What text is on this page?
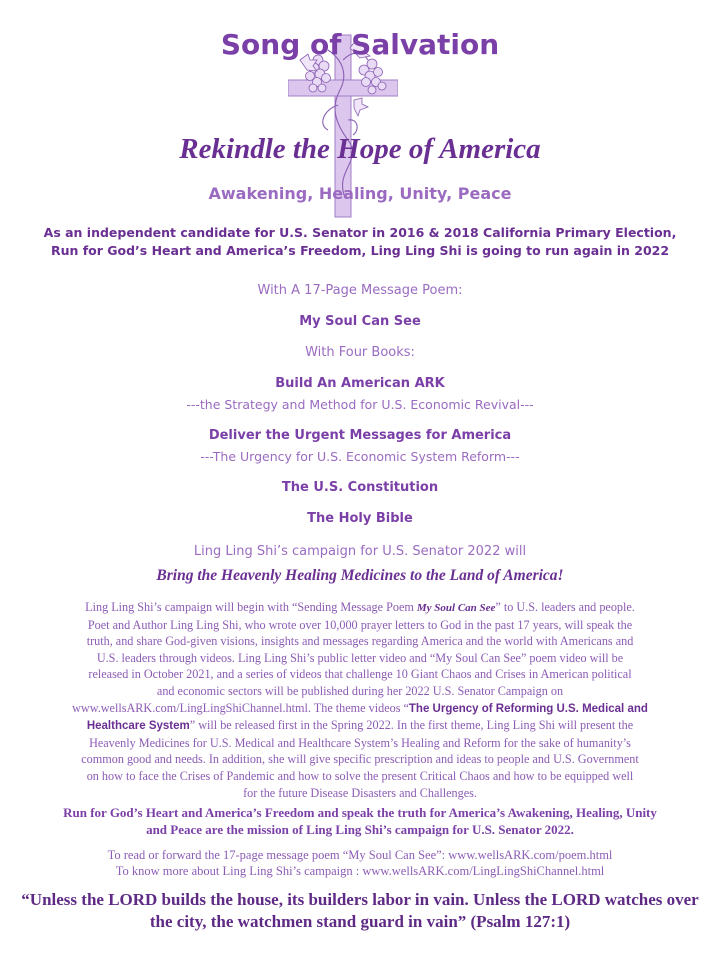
Song of Salvation
Rekindle the Hope of America
Awakening, Healing, Unity, Peace
As an independent candidate for U.S. Senator in 2016 & 2018 California Primary Election,
Run for God’s Heart and America’s Freedom, Ling Ling Shi is going to run again in 2022
With A 17-Page Message Poem:
My Soul Can See
With Four Books:
Build An American ARK
---the Strategy and Method for U.S. Economic Revival---
Deliver the Urgent Messages for America
---The Urgency for U.S. Economic System Reform---
The U.S. Constitution
The Holy Bible
Ling Ling Shi’s campaign for U.S. Senator 2022 will
Bring the Heavenly Healing Medicines to the Land of America!
Ling Ling Shi’s campaign will begin with “Sending Message Poem My Soul Can See” to U.S. leaders and people.
Poet and Author Ling Ling Shi, who wrote over 10,000 prayer letters to God in the past 17 years, will speak the
truth, and share God-given visions, insights and messages regarding America and the world with Americans and
U.S. leaders through videos. Ling Ling Shi’s public letter video and “My Soul Can See” poem video will be
released in October 2021, and a series of videos that challenge 10 Giant Chaos and Crises in American political
and economic sectors will be published during her 2022 U.S. Senator Campaign on
www.wellsARK.com/LingLingShiChannel.html. The theme videos “The Urgency of Reforming U.S. Medical and
Healthcare System” will be released first in the Spring 2022. In the first theme, Ling Ling Shi will present the
Heavenly Medicines for U.S. Medical and Healthcare System’s Healing and Reform for the sake of humanity’s
common good and needs. In addition, she will give specific prescription and ideas to people and U.S. Government
on how to face the Crises of Pandemic and how to solve the present Critical Chaos and how to be equipped well
for the future Disease Disasters and Challenges.
Run for God’s Heart and America’s Freedom and speak the truth for America’s Awakening, Healing, Unity
and Peace are the mission of Ling Ling Shi’s campaign for U.S. Senator 2022.
To read or forward the 17-page message poem “My Soul Can See”: www.wellsARK.com/poem.html
To know more about Ling Ling Shi’s campaign : www.wellsARK.com/LingLingShiChannel.html
“Unless the LORD builds the house, its builders labor in vain. Unless the LORD watches over
the city, the watchmen stand guard in vain” (Psalm 127:1)
